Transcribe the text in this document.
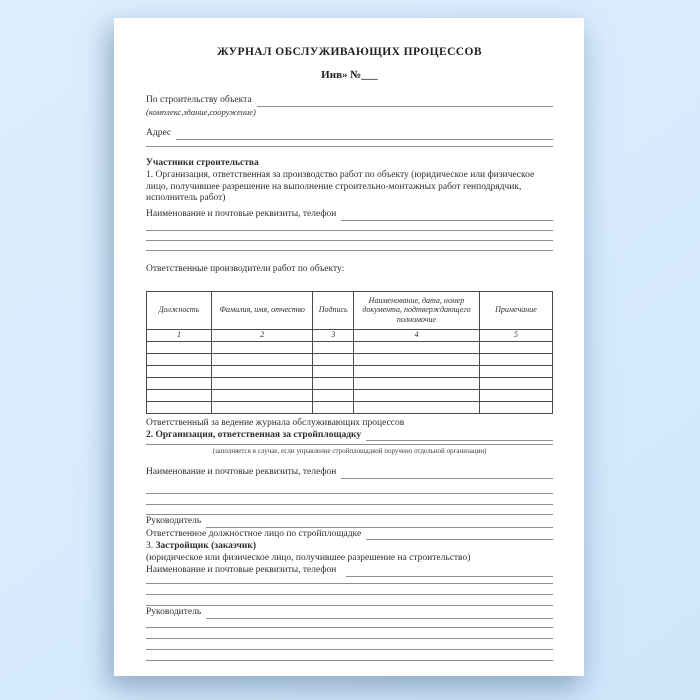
ЖУРНАЛ ОБСЛУЖИВАЮЩИХ ПРОЦЕССОВ
Инв» №___
По строительству объекта
(комплекс,здание,сооружение)
Адрес
Участники строительства
1. Организация, ответственная за производство работ по объекту (юридическое или физическое лицо, получившее разрешение на выполнение строительно-монтажных работ генподрядчик, исполнитель работ)
Наименование и почтовые реквизиты, телефон
Ответственные производители работ по объекту:
Должность	Фамилия, имя, отчество	Подпись	Наименование, дата, номер документа, подтверждающего полномочие	Примечание
1	2	3	4	5

Ответственный за ведение журнала обслуживающих процессов
2. Организация, ответственная за стройплощадку
(заполняется в случае, если управление стройплощадкой поручено отдельной организации)
Наименование и почтовые реквизиты, телефон
Руководитель
Ответственное должностное лицо по стройплощадке
3. Застройщик (заказчик)
(юридическое или физическое лицо, получившее разрешение на строительство)
Наименование и почтовые реквизиты, телефон
Руководитель
